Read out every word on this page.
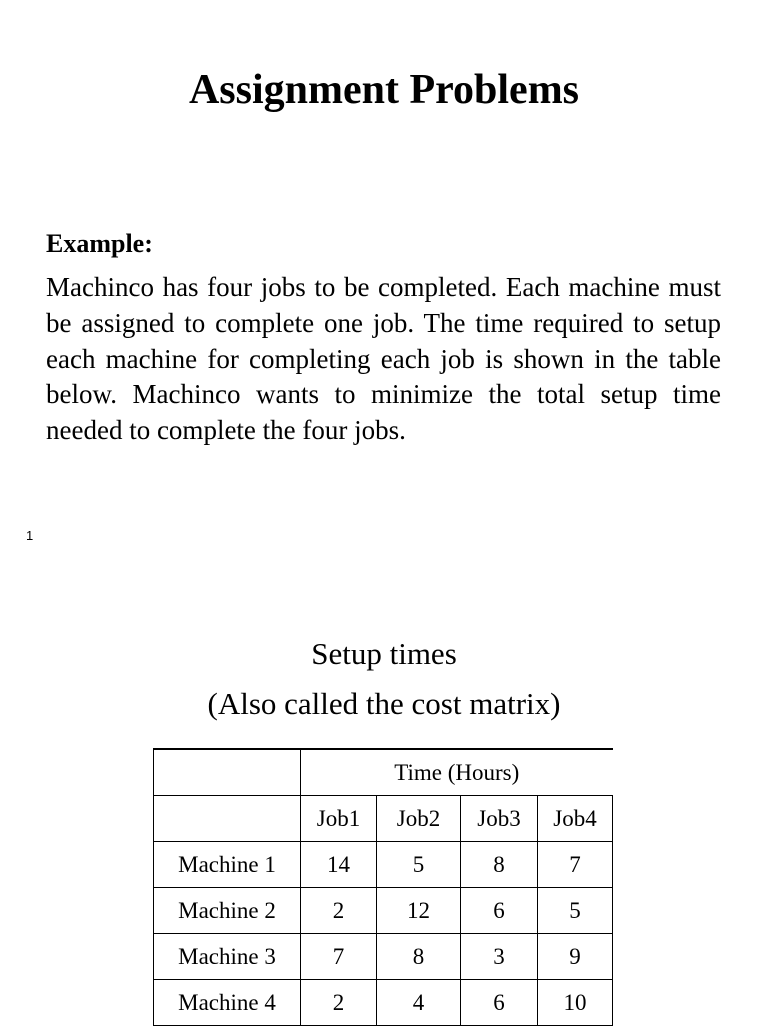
Assignment Problems
Example:

Machinco has four jobs to be completed. Each machine must be assigned to complete one job. The time required to setup each machine for completing each job is shown in the table below. Machinco wants to minimize the total setup time needed to complete the four jobs.

1
Setup times
(Also called the cost matrix)
	Time (Hours)			
	Job1	Job2	Job3	Job4
Machine 1	14	5	8	7
Machine 2	2	12	6	5
Machine 3	7	8	3	9
Machine 4	2	4	6	10
